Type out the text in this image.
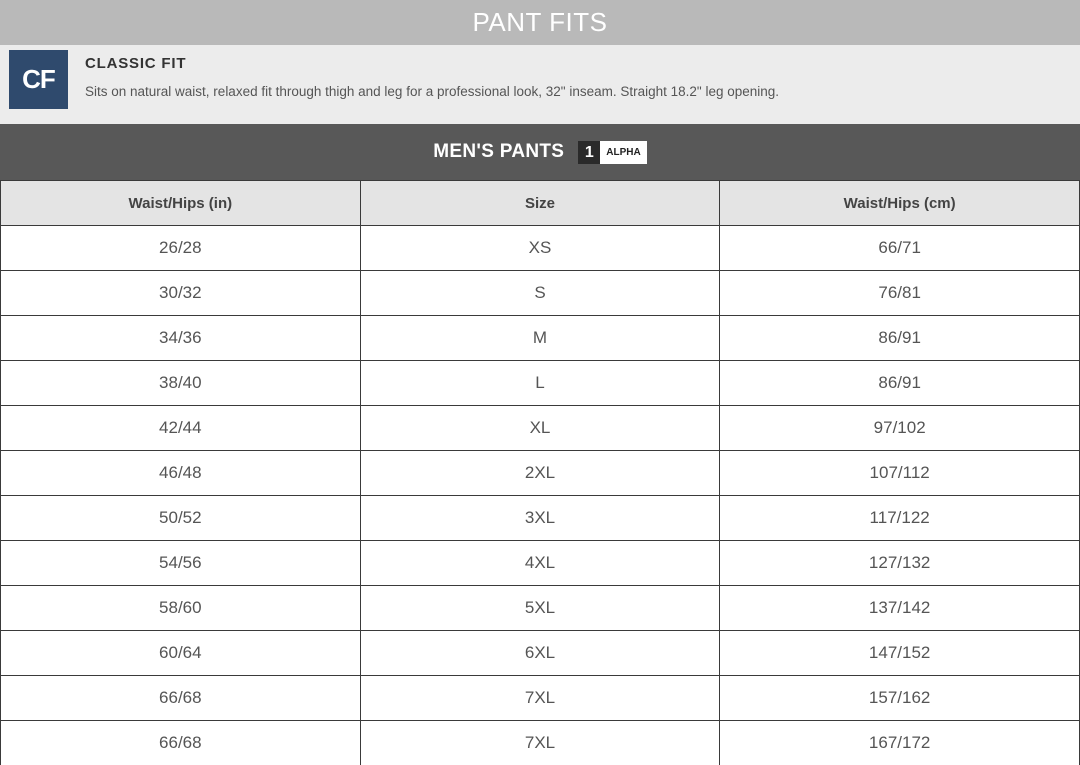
PANT FITS
CF
CLASSIC FIT
Sits on natural waist, relaxed fit through thigh and leg for a professional look, 32" inseam. Straight 18.2" leg opening.
MEN'S PANTS	1	ALPHA
Waist/Hips (in)	Size	Waist/Hips (cm)
26/28	XS	66/71
30/32	S	76/81
34/36	M	86/91
38/40	L	86/91
42/44	XL	97/102
46/48	2XL	107/112
50/52	3XL	117/122
54/56	4XL	127/132
58/60	5XL	137/142
60/64	6XL	147/152
66/68	7XL	157/162
66/68	7XL	167/172
